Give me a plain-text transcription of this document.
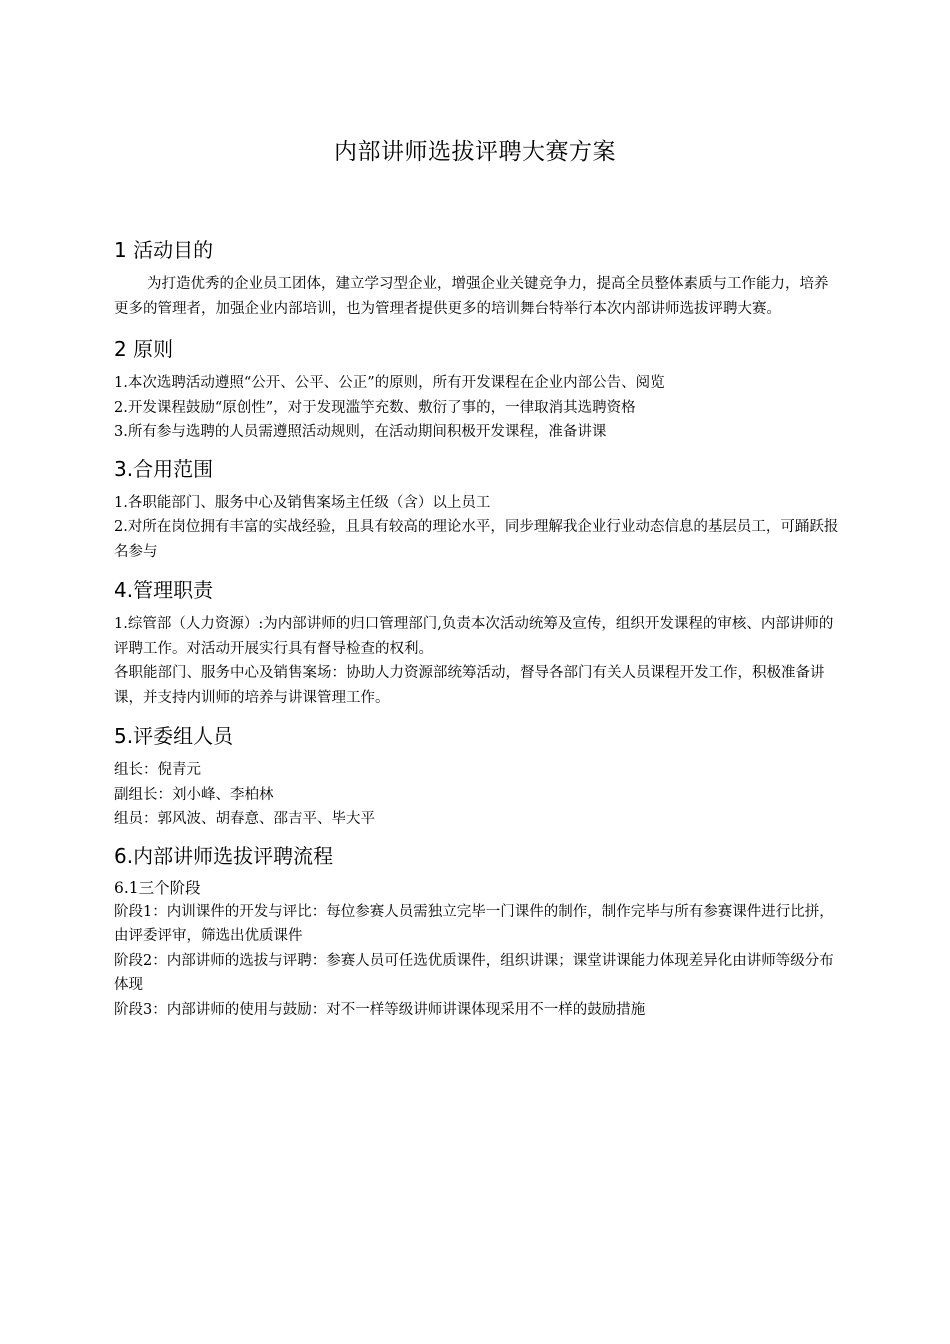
内部讲师选拔评聘大赛方案
1 活动目的

为打造优秀的企业员工团体，建立学习型企业，增强企业关键竞争力，提高全员整体素质与工作能力，培养更多的管理者，加强企业内部培训，也为管理者提供更多的培训舞台特举行本次内部讲师选拔评聘大赛。

2 原则

1.本次选聘活动遵照“公开、公平、公正”的原则，所有开发课程在企业内部公告、阅览

2.开发课程鼓励“原创性”，对于发现滥竽充数、敷衍了事的，一律取消其选聘资格

3.所有参与选聘的人员需遵照活动规则，在活动期间积极开发课程，准备讲课

3.合用范围

1.各职能部门、服务中心及销售案场主任级（含）以上员工

2.对所在岗位拥有丰富的实战经验，且具有较高的理论水平，同步理解我企业行业动态信息的基层员工，可踊跃报名参与

4.管理职责

1.综管部（人力资源）:为内部讲师的归口管理部门,负责本次活动统筹及宣传，组织开发课程的审核、内部讲师的评聘工作。对活动开展实行具有督导检查的权利。

各职能部门、服务中心及销售案场：协助人力资源部统筹活动，督导各部门有关人员课程开发工作，积极准备讲课，并支持内训师的培养与讲课管理工作。

5.评委组人员

组长：倪青元

副组长：刘小峰、李柏林

组员：郭风波、胡春意、邵吉平、毕大平

6.内部讲师选拔评聘流程
6.1三个阶段

阶段1：内训课件的开发与评比：每位参赛人员需独立完毕一门课件的制作，制作完毕与所有参赛课件进行比拼，由评委评审，筛选出优质课件

阶段2：内部讲师的选拔与评聘：参赛人员可任选优质课件，组织讲课；课堂讲课能力体现差异化由讲师等级分布体现

阶段3：内部讲师的使用与鼓励：对不一样等级讲师讲课体现采用不一样的鼓励措施
